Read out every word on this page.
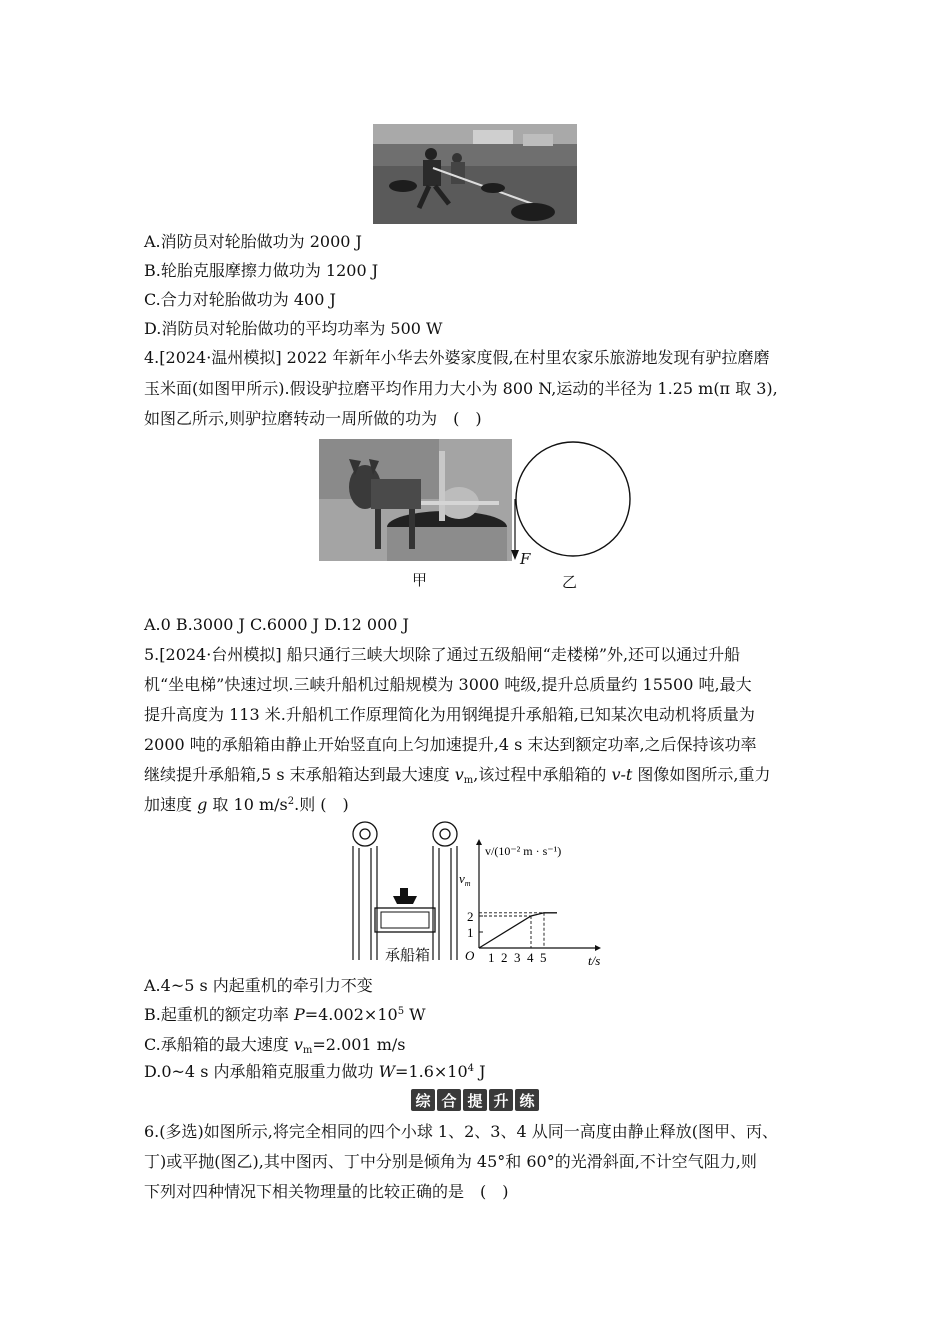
A.消防员对轮胎做功为 2000 J
B.轮胎克服摩擦力做功为 1200 J
C.合力对轮胎做功为 400 J
D.消防员对轮胎做功的平均功率为 500 W
4.[2024·温州模拟] 2022 年新年小华去外婆家度假,在村里农家乐旅游地发现有驴拉磨磨
玉米面(如图甲所示).假设驴拉磨平均作用力大小为 800 N,运动的半径为 1.25 m(π 取 3),
如图乙所示,则驴拉磨转动一周所做的功为　(　)
F
甲	乙
A.0 B.3000 J C.6000 J D.12 000 J
5.[2024·台州模拟] 船只通行三峡大坝除了通过五级船闸“走楼梯”外,还可以通过升船
机“坐电梯”快速过坝.三峡升船机过船规模为 3000 吨级,提升总质量约 15500 吨,最大
提升高度为 113 米.升船机工作原理简化为用钢绳提升承船箱,已知某次电动机将质量为
2000 吨的承船箱由静止开始竖直向上匀加速提升,4 s 末达到额定功率,之后保持该功率
继续提升承船箱,5 s 末承船箱达到最大速度 $v_m$,该过程中承船箱的 v-t 图像如图所示,重力
加速度 g 取 10 $m/s^2$.则 (　)
承船箱
v/(10⁻² m · s⁻¹)
t/s
O
$v_m$
1 2 3 4 5
1
2
A.4~5 s 内起重机的牵引力不变
B.起重机的额定功率 $P=4.002\times 10^5$ W
C.承船箱的最大速度 $v_m=2.001$ m/s
D.0~4 s 内承船箱克服重力做功 $W=1.6\times 10^4$ J
综 合 提 升 练
6.(多选)如图所示,将完全相同的四个小球 1、2、3、4 从同一高度由静止释放(图甲、丙、
丁)或平抛(图乙),其中图丙、丁中分别是倾角为 45°和 60°的光滑斜面,不计空气阻力,则
下列对四种情况下相关物理量的比较正确的是　(　)
